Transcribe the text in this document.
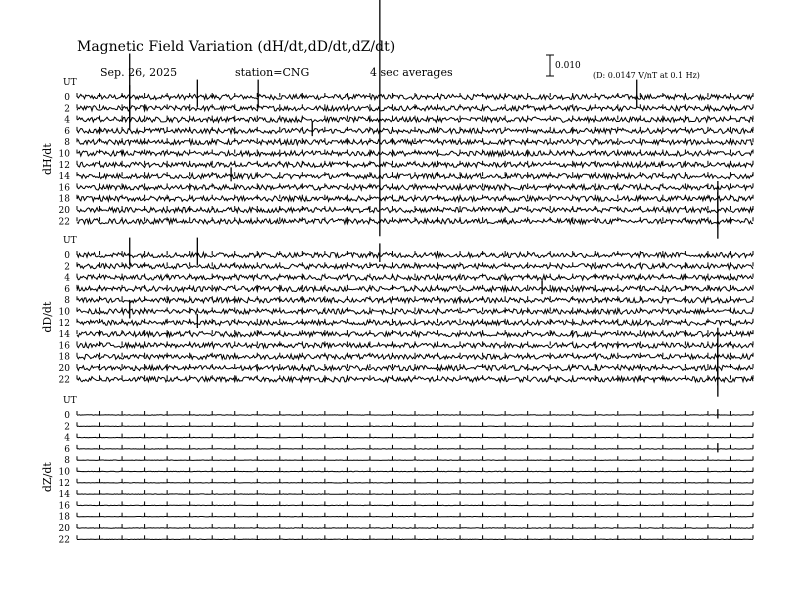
Magnetic Field Variation (dH/dt,dD/dt,dZ/dt)
Sep. 26, 2025	station=CNG	4 sec averages	0.010
(D: 0.0147 V/nT at 0.1 Hz)
UT
dH/dt
0
2
4
6
8
10
12
14
16
18
20
22
UT
dD/dt
0
2
4
6
8
10
12
14
16
18
20
22
UT
dZ/dt
0
2
4
6
8
10
12
14
16
18
20
22
